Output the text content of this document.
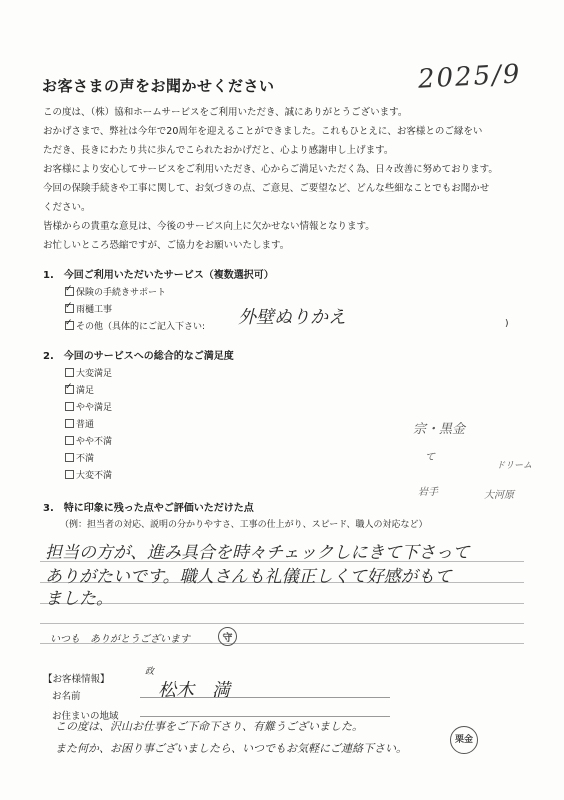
お客さまの声をお聞かせください	2025/9
この度は、（株）協和ホームサービスをご利用いただき、誠にありがとうございます。
おかげさまで、弊社は今年で20周年を迎えることができました。これもひとえに、お客様とのご縁をい
ただき、長きにわたり共に歩んでこられたおかげだと、心より感謝申し上げます。
お客様により安心してサービスをご利用いただき、心からご満足いただく為、日々改善に努めております。
今回の保険手続きや工事に関して、お気づきの点、ご意見、ご要望など、どんな些細なことでもお聞かせ
ください。
皆様からの貴重な意見は、今後のサービス向上に欠かせない情報となります。
お忙しいところ恐縮ですが、ご協力をお願いいたします。
1.　今回ご利用いただいたサービス（複数選択可）
✓保険の手続きサポート
✓雨樋工事
✓その他（具体的にご記入下さい: 外壁ぬりかえ	)
2.　今回のサービスへの総合的なご満足度
大変満足
✓満足
やや満足
普通
やや不満
不満
大変不満
宗・黒金
て
ドリーム
岩手	大河原
3.　特に印象に残った点やご評価いただけた点
（例：担当者の対応、説明の分かりやすさ、工事の仕上がり、スピード、職人の対応など）
担当の方が、進み具合を時々チェックしにきて下さって
ありがたいです。職人さんも礼儀正しくて好感がもて
ました。
いつも　ありがとうございます	守
【お客様情報】
政
お名前	松木　満
お住まいの地域
この度は、沢山お仕事をご下命下さり、有難うございました。
また何か、お困り事ございましたら、いつでもお気軽にご連絡下さい。
栗金
